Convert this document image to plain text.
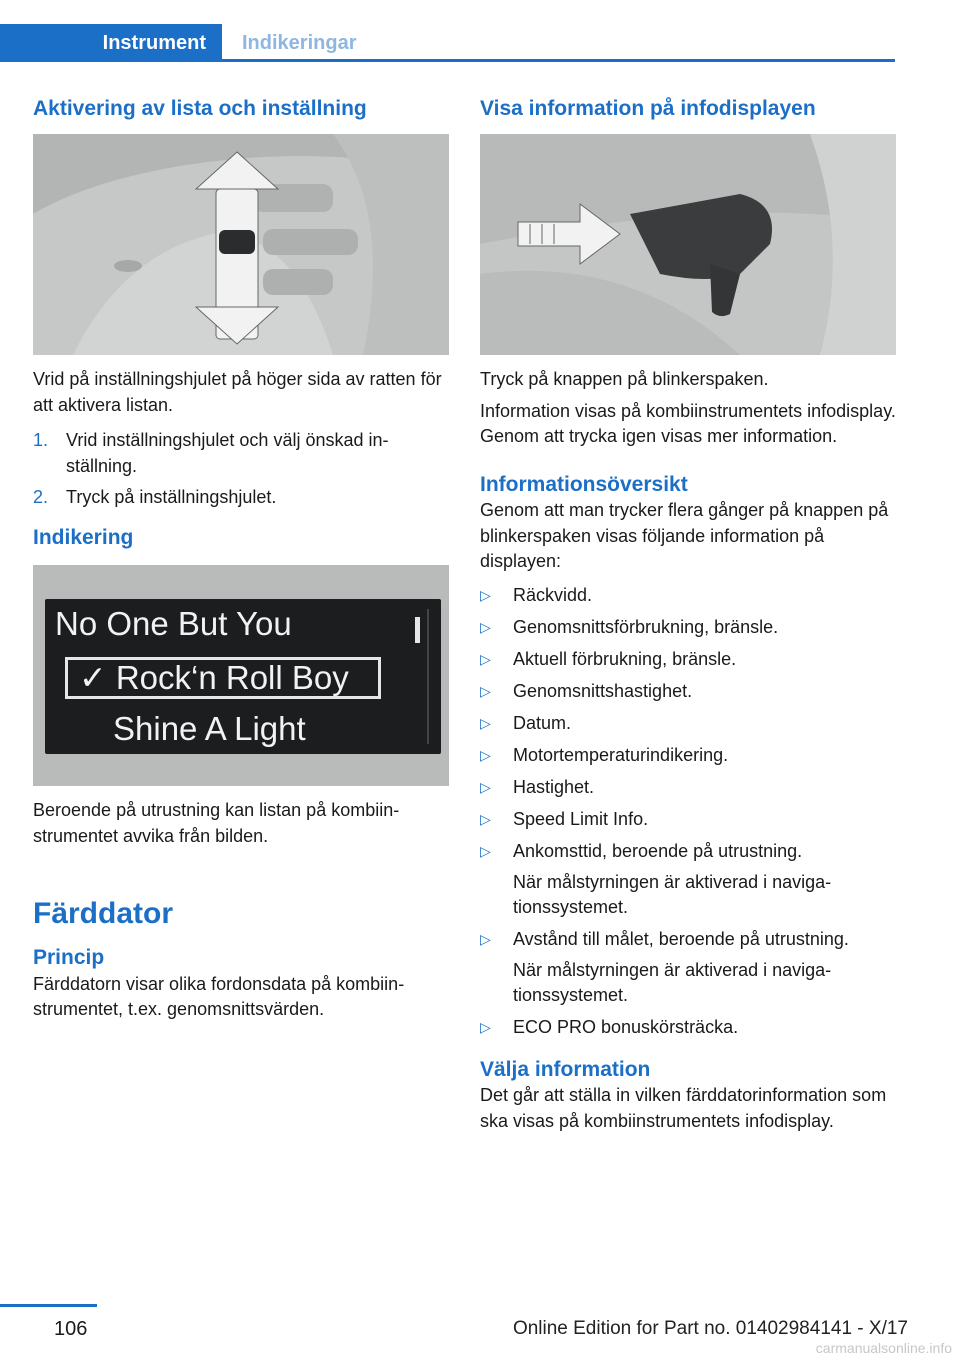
Instrument	Indikeringar
Aktivering av lista och inställning

Vrid på inställningshjulet på höger sida av ratten för att aktivera listan.

1. Vrid inställningshjulet och välj önskad inställning.
2. Tryck på inställningshjulet.
Indikering
No One But You
✓ Rock‘n Roll Boy
Shine A Light

Beroende på utrustning kan listan på kombiinstrumentet avvika från bilden.

Färddator
Princip

Färddatorn visar olika fordonsdata på kombiinstrumentet, t.ex. genomsnittsvärden.

Visa information på infodisplayen

Tryck på knappen på blinkerspaken.

Information visas på kombiinstrumentets infodisplay. Genom att trycka igen visas mer information.

Informationsöversikt

Genom att man trycker flera gånger på knappen på blinkerspaken visas följande information på displayen:

▷	Räckvidd.
▷	Genomsnittsförbrukning, bränsle.
▷	Aktuell förbrukning, bränsle.
▷	Genomsnittshastighet.
▷	Datum.
▷	Motortemperaturindikering.
▷	Hastighet.
▷	Speed Limit Info.
▷	Ankomsttid, beroende på utrustning.
När målstyrningen är aktiverad i navigationssystemet.
▷	Avstånd till målet, beroende på utrustning.
När målstyrningen är aktiverad i navigationssystemet.
▷	ECO PRO bonuskörsträcka.
Välja information

Det går att ställa in vilken färddatorinformation som ska visas på kombiinstrumentets infodisplay.

106	Online Edition for Part no. 01402984141 - X/17
carmanualsonline.info
